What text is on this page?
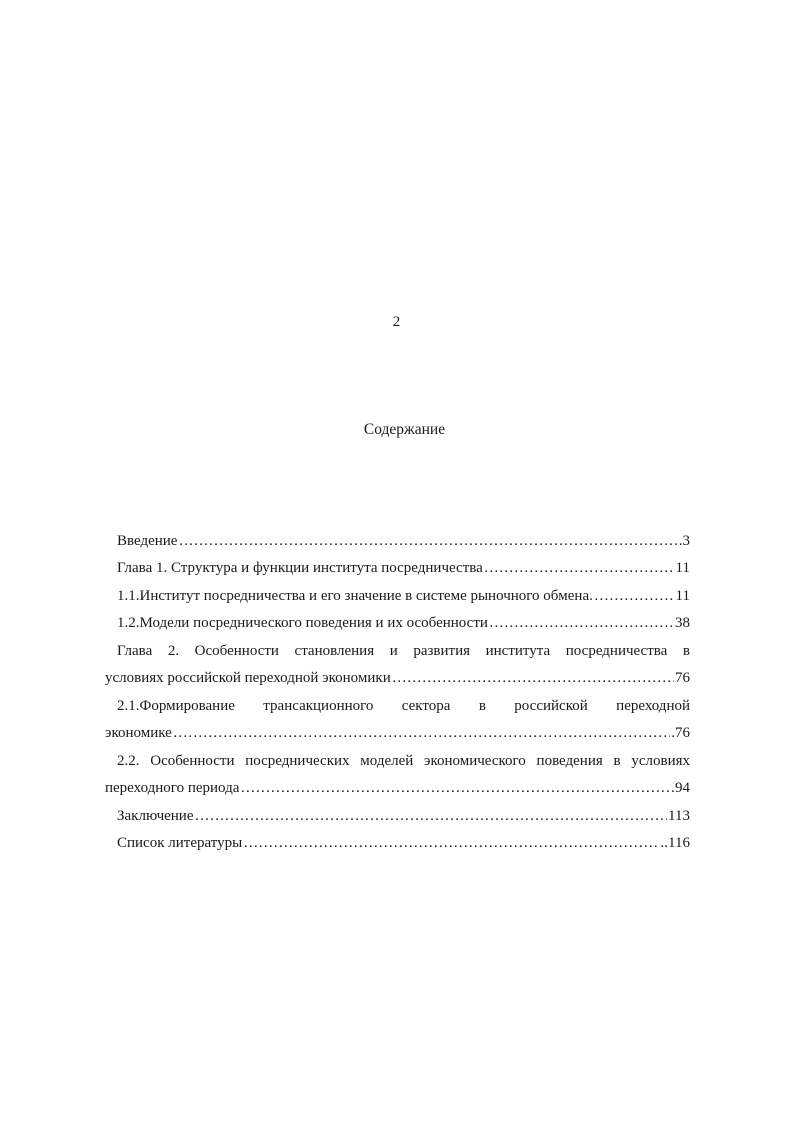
2
Содержание
Введение ……………………………………………………………………………………………………………………………………………………	.3
Глава 1. Структура и функции института посредничества ……………………………………………………………………………………………………………………………………………………	11
1.1.Институт посредничества и его значение в системе рыночного обмена. ……………………………………………………………………………………………………………………………………………………	11
1.2.Модели посреднического поведения и их особенности ……………………………………………………………………………………………………………………………………………………	38
Глава 2. Особенности становления и развития института посредничества в
условиях российской переходной экономики ……………………………………………………………………………………………………………………………………………………	76
2.1.Формирование трансакционного сектора в российской переходной
экономике ……………………………………………………………………………………………………………………………………………………	.76
2.2. Особенности посреднических моделей экономического поведения в условиях
переходного периода ……………………………………………………………………………………………………………………………………………………	94
Заключение ……………………………………………………………………………………………………………………………………………………	113
Список литературы ……………………………………………………………………………………………………………………………………………………	..116
